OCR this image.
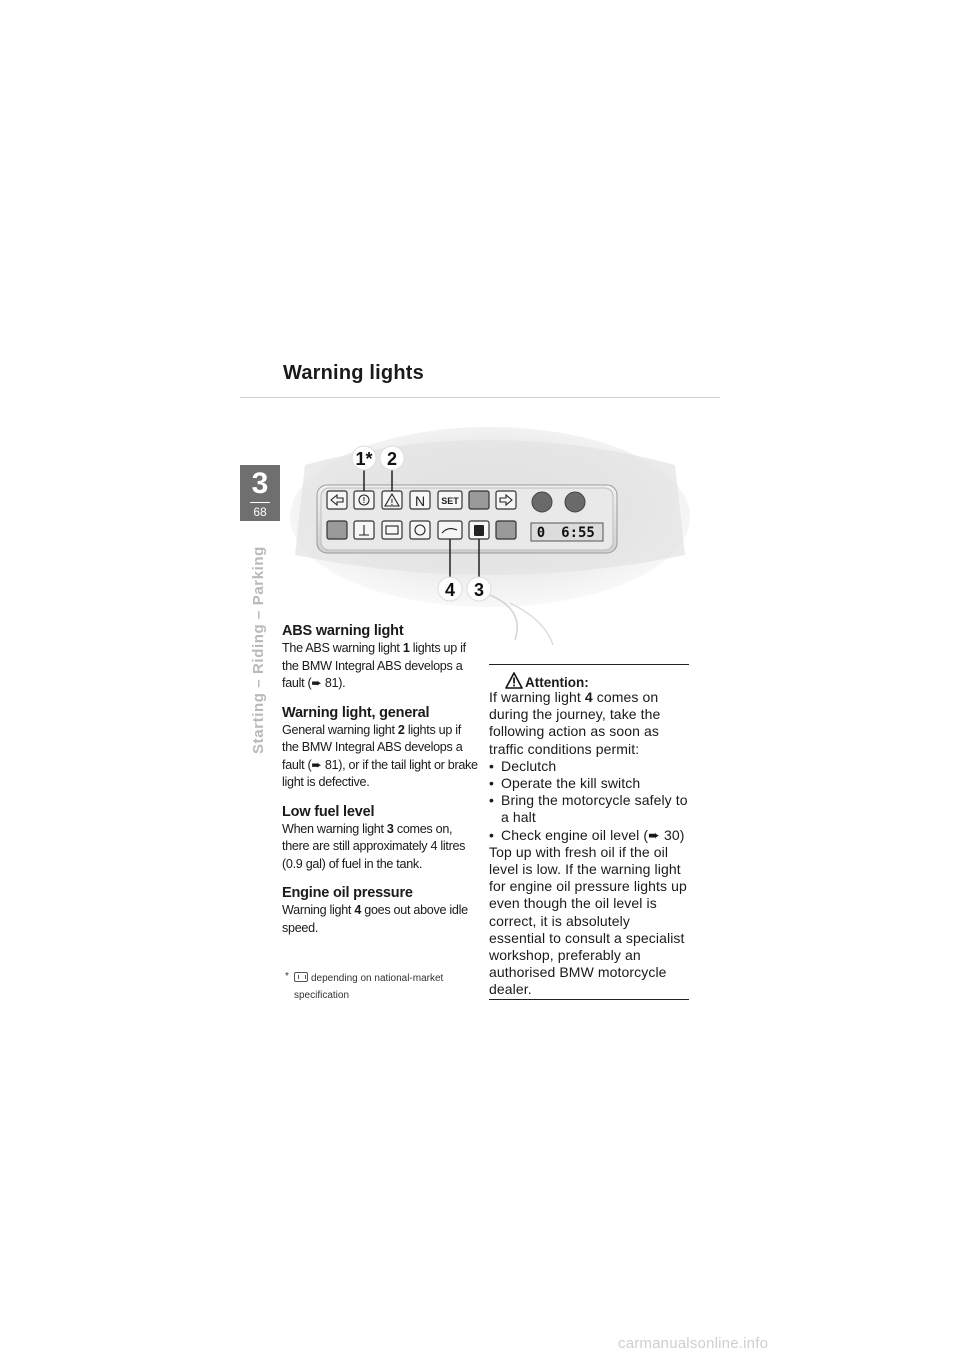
Warning lights
3
68
Starting – Riding – Parking
!	! N SET
0 6:55
1* 2
4 3
ABS warning light

The ABS warning light 1 lights up if the BMW Integral ABS develops a fault (➨ 81).

Warning light, general

General warning light 2 lights up if the BMW Integral ABS develops a fault (➨ 81), or if the tail light or brake light is defective.

Low fuel level

When warning light 3 comes on, there are still approximately 4 litres (0.9 gal) of fuel in the tank.

Engine oil pressure

Warning light 4 goes out above idle speed.

* depending on national-market specification
Attention:

If warning light 4 comes on during the journey, take the following action as soon as traffic conditions permit:

• Declutch
• Operate the kill switch
• Bring the motorcycle safely to a halt
• Check engine oil level (➨ 30)

Top up with fresh oil if the oil level is low. If the warning light for engine oil pressure lights up even though the oil level is correct, it is absolutely essential to consult a specialist workshop, preferably an authorised BMW motorcycle dealer.

carmanualsonline.info
